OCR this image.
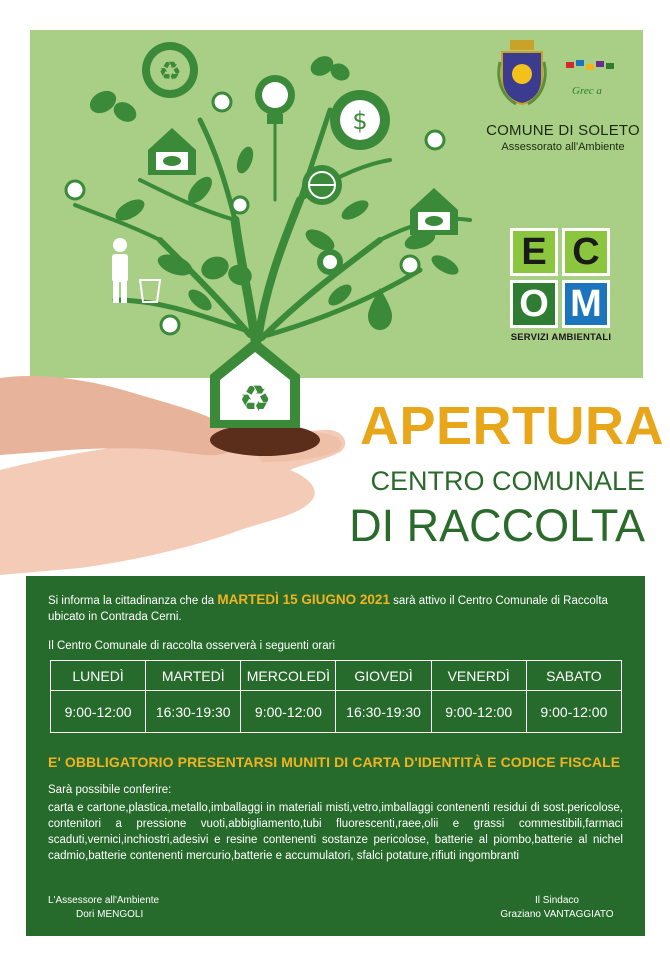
♻
♻
$
Grec a
COMUNE DI SOLETO
Assessorato all'Ambiente
E C
O M
SERVIZI AMBIENTALI
APERTURA
CENTRO COMUNALE
DI RACCOLTA
Si informa la cittadinanza che da MARTEDÌ 15 GIUGNO 2021 sarà attivo il Centro Comunale di Raccolta ubicato in Contrada Cerni.
Il Centro Comunale di raccolta osserverà i seguenti orari
LUNEDÌ	MARTEDÌ	MERCOLEDÌ	GIOVEDÌ	VENERDÌ	SABATO
9:00-12:00	16:30-19:30	9:00-12:00	16:30-19:30	9:00-12:00	9:00-12:00
E' OBBLIGATORIO PRESENTARSI MUNITI DI CARTA D'IDENTITÀ E CODICE FISCALE
Sarà possibile conferire:
carta e cartone,plastica,metallo,imballaggi in materiali misti,vetro,imballaggi contenenti residui di sost.pericolose, contenitori a pressione vuoti,abbigliamento,tubi fluorescenti,raee,olii e grassi commestibili,farmaci scaduti,vernici,inchiostri,adesivi e resine contenenti sostanze pericolose, batterie al piombo,batterie al nichel cadmio,batterie contenenti mercurio,batterie e accumulatori, sfalci potature,rifiuti ingombranti
L'Assessore all'Ambiente
Dori MENGOLI
Il Sindaco
Graziano VANTAGGIATO
